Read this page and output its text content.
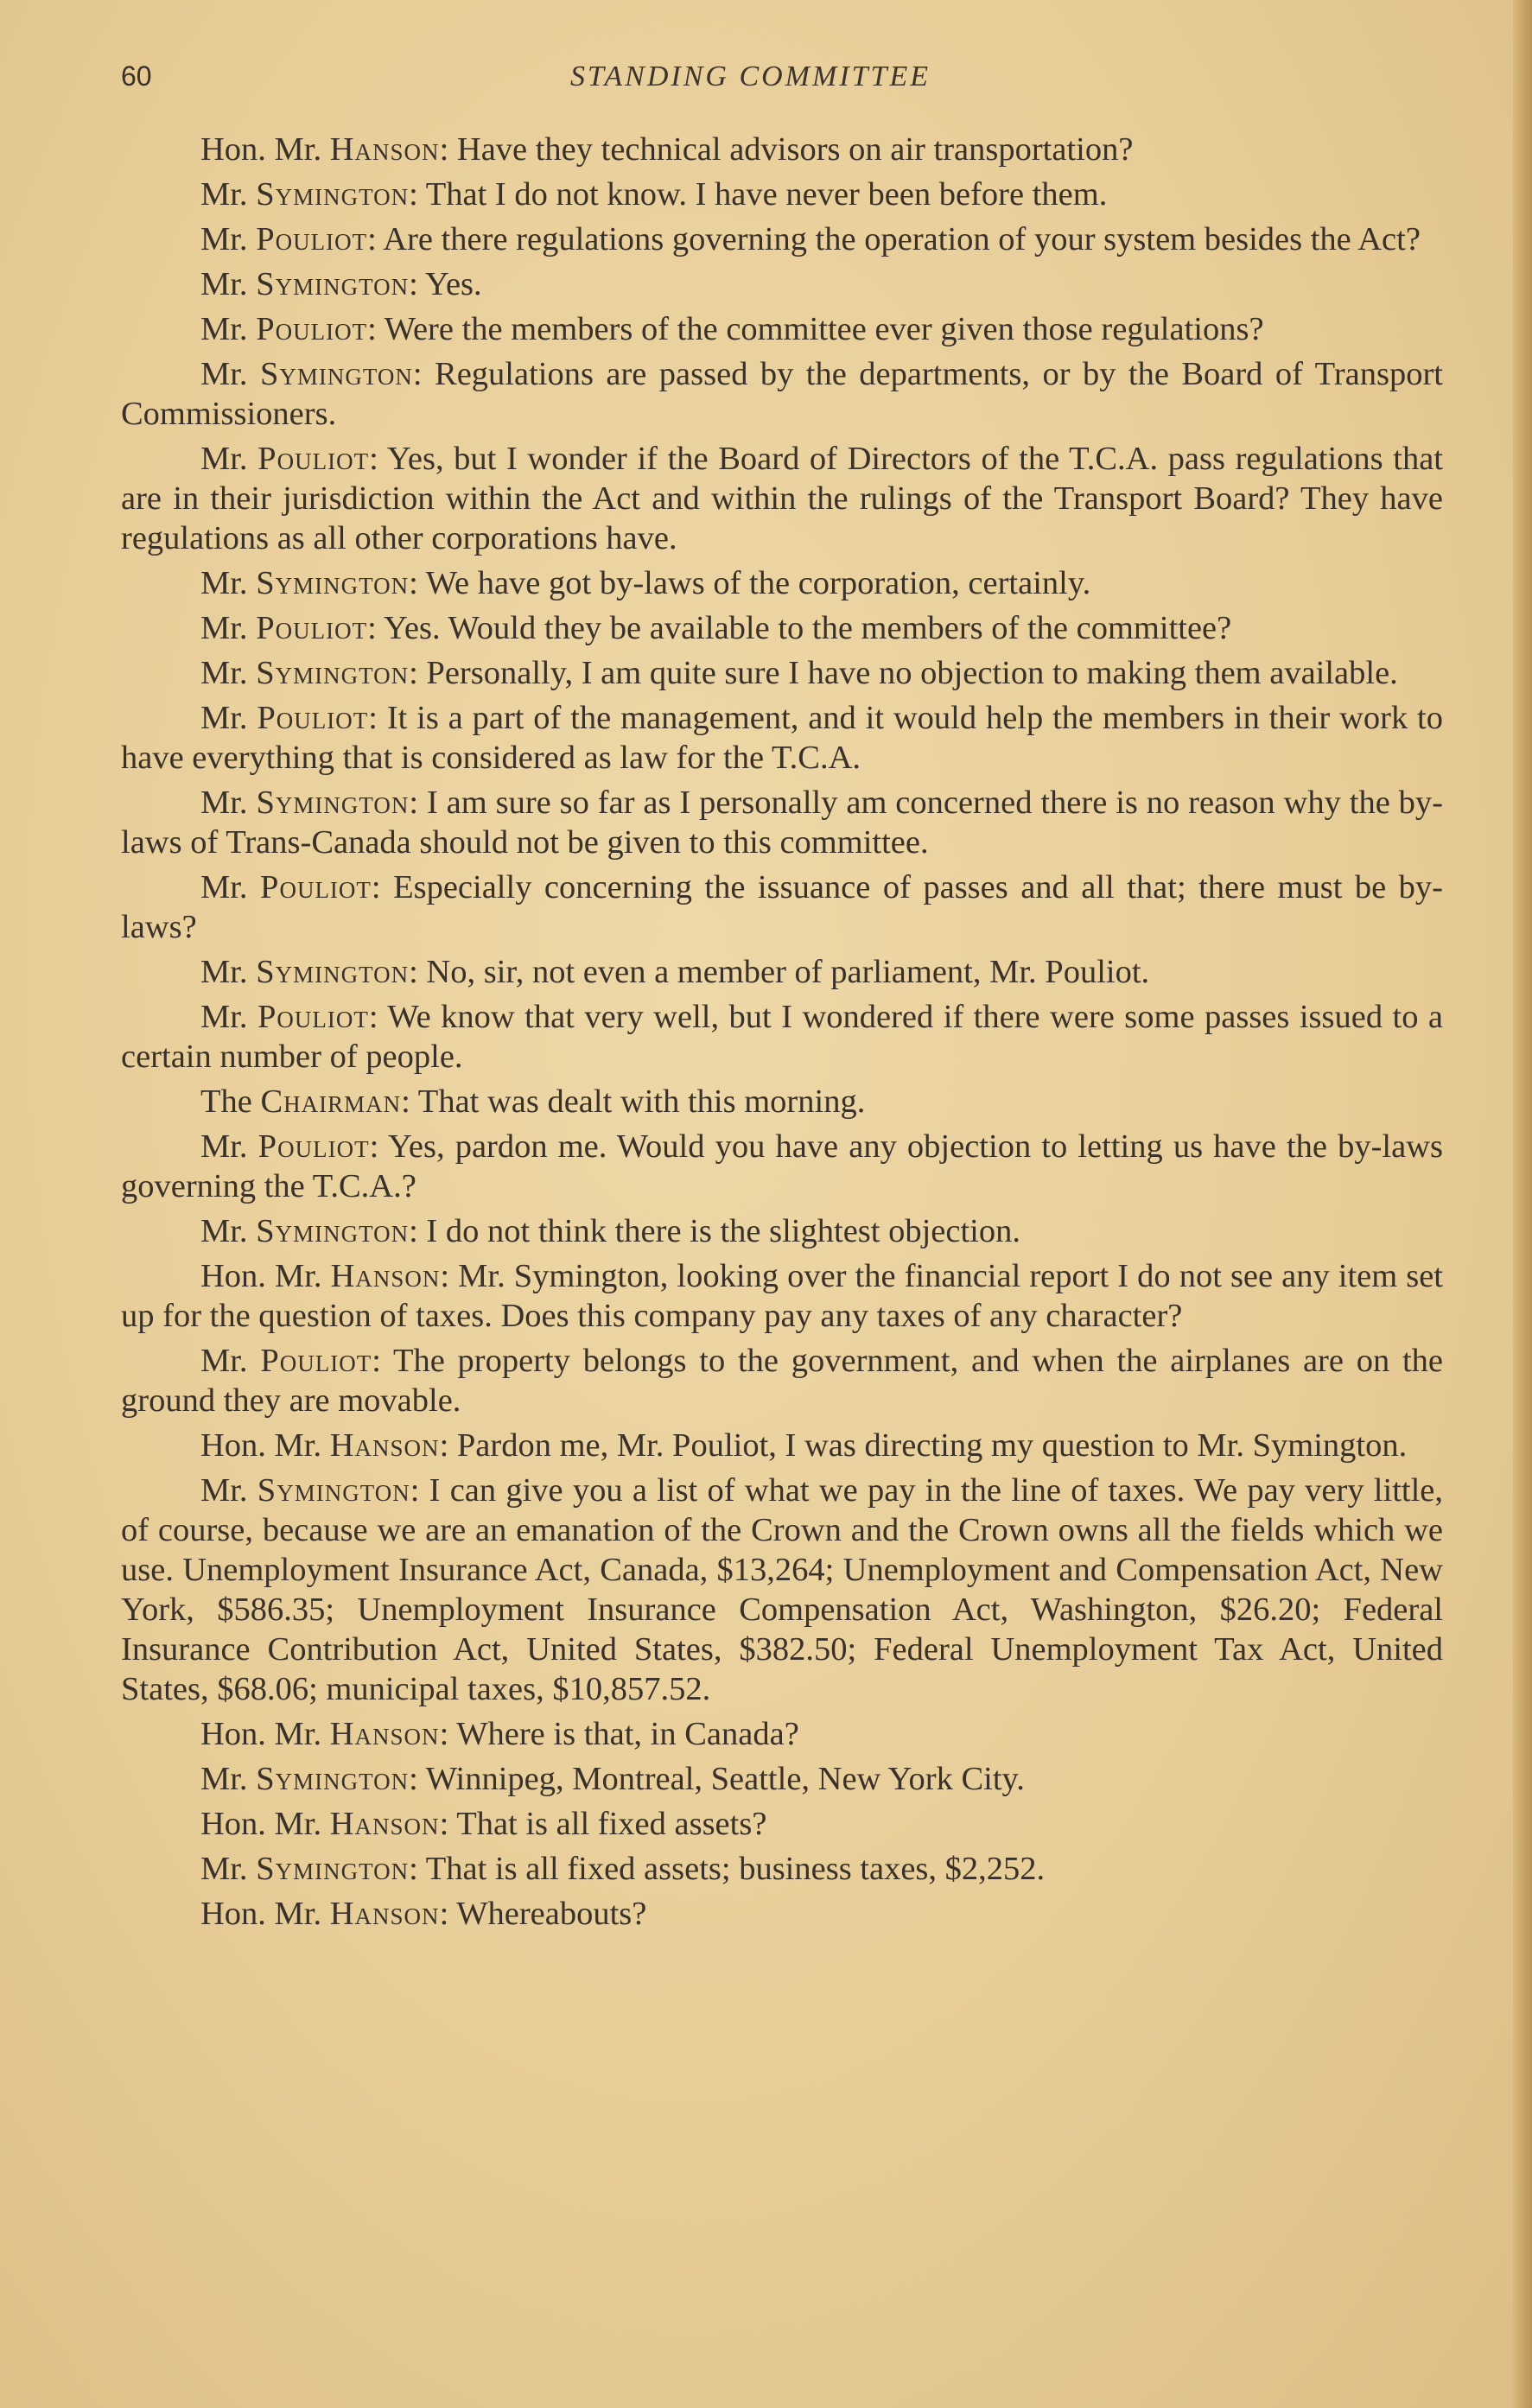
60	STANDING COMMITTEE

Hon. Mr. Hanson: Have they technical advisors on air transportation?

Mr. Symington: That I do not know. I have never been before them.

Mr. Pouliot: Are there regulations governing the operation of your system besides the Act?

Mr. Symington: Yes.

Mr. Pouliot: Were the members of the committee ever given those regulations?

Mr. Symington: Regulations are passed by the departments, or by the Board of Transport Commissioners.

Mr. Pouliot: Yes, but I wonder if the Board of Directors of the T.C.A. pass regulations that are in their jurisdiction within the Act and within the rulings of the Transport Board? They have regulations as all other corporations have.

Mr. Symington: We have got by-laws of the corporation, certainly.

Mr. Pouliot: Yes. Would they be available to the members of the committee?

Mr. Symington: Personally, I am quite sure I have no objection to making them available.

Mr. Pouliot: It is a part of the management, and it would help the members in their work to have everything that is considered as law for the T.C.A.

Mr. Symington: I am sure so far as I personally am concerned there is no reason why the by-laws of Trans-Canada should not be given to this committee.

Mr. Pouliot: Especially concerning the issuance of passes and all that; there must be by-laws?

Mr. Symington: No, sir, not even a member of parliament, Mr. Pouliot.

Mr. Pouliot: We know that very well, but I wondered if there were some passes issued to a certain number of people.

The Chairman: That was dealt with this morning.

Mr. Pouliot: Yes, pardon me. Would you have any objection to letting us have the by-laws governing the T.C.A.?

Mr. Symington: I do not think there is the slightest objection.

Hon. Mr. Hanson: Mr. Symington, looking over the financial report I do not see any item set up for the question of taxes. Does this company pay any taxes of any character?

Mr. Pouliot: The property belongs to the government, and when the airplanes are on the ground they are movable.

Hon. Mr. Hanson: Pardon me, Mr. Pouliot, I was directing my question to Mr. Symington.

Mr. Symington: I can give you a list of what we pay in the line of taxes. We pay very little, of course, because we are an emanation of the Crown and the Crown owns all the fields which we use. Unemployment Insurance Act, Canada, $13,264; Unemployment and Compensation Act, New York, $586.35; Unemployment Insurance Compensation Act, Washington, $26.20; Federal Insurance Contribution Act, United States, $382.50; Federal Unemployment Tax Act, United States, $68.06; municipal taxes, $10,857.52.

Hon. Mr. Hanson: Where is that, in Canada?

Mr. Symington: Winnipeg, Montreal, Seattle, New York City.

Hon. Mr. Hanson: That is all fixed assets?

Mr. Symington: That is all fixed assets; business taxes, $2,252.

Hon. Mr. Hanson: Whereabouts?
